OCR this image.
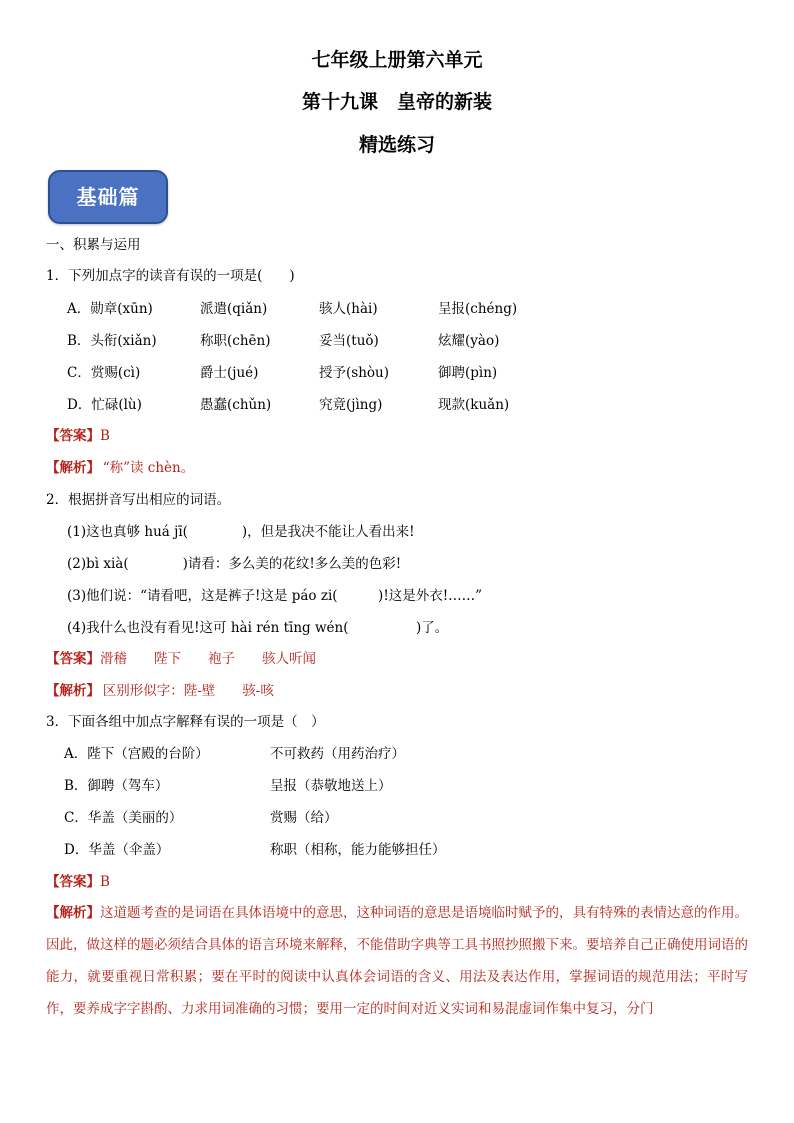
七年级上册第六单元
第十九课　皇帝的新装
精选练习
基础篇
一、积累与运用
1．下列加点字的读音有误的一项是(　　)
A．勋章(xūn)	派遣(qiǎn)	骇人(hài)	呈报(chéng)
B．头衔(xiǎn)	称职(chēn)	妥当(tuǒ)	炫耀(yào)
C．赏赐(cì)	爵士(jué)	授予(shòu)	御聘(pìn)
D．忙碌(lù)	愚蠢(chǔn)	究竟(jìng)	现款(kuǎn)
【答案】B
【解析】  “称”读 chèn。
2．根据拼音写出相应的词语。
(1)这也真够 huá jī(　　　　)，但是我决不能让人看出来!
(2)bì xià(　　　　)请看：多么美的花纹!多么美的色彩!
(3)他们说：“请看吧，这是裤子!这是 páo zi(　　　)!这是外衣!……”
(4)我什么也没有看见!这可 hài rén tīng wén(　　　　　)了。
【答案】滑稽　　陛下　　袍子　　骇人听闻
【解析】  区别形似字：陛-壁　　骇-咳
3．下面各组中加点字解释有误的一项是（　）
A．陛下（宫殿的台阶）	不可救药（用药治疗）
B．御聘（驾车）	呈报（恭敬地送上）
C．华盖（美丽的）	赏赐（给）
D．华盖（伞盖）	称职（相称，能力能够担任）
【答案】B
【解析】这道题考查的是词语在具体语境中的意思，这种词语的意思是语境临时赋予的，具有特殊的表情达意的作用。因此，做这样的题必须结合具体的语言环境来解释，不能借助字典等工具书照抄照搬下来。要培养自己正确使用词语的能力，就要重视日常积累；要在平时的阅读中认真体会词语的含义、用法及表达作用，掌握词语的规范用法；平时写作，要养成字字斟酌、力求用词准确的习惯；要用一定的时间对近义实词和易混虚词作集中复习，分门
